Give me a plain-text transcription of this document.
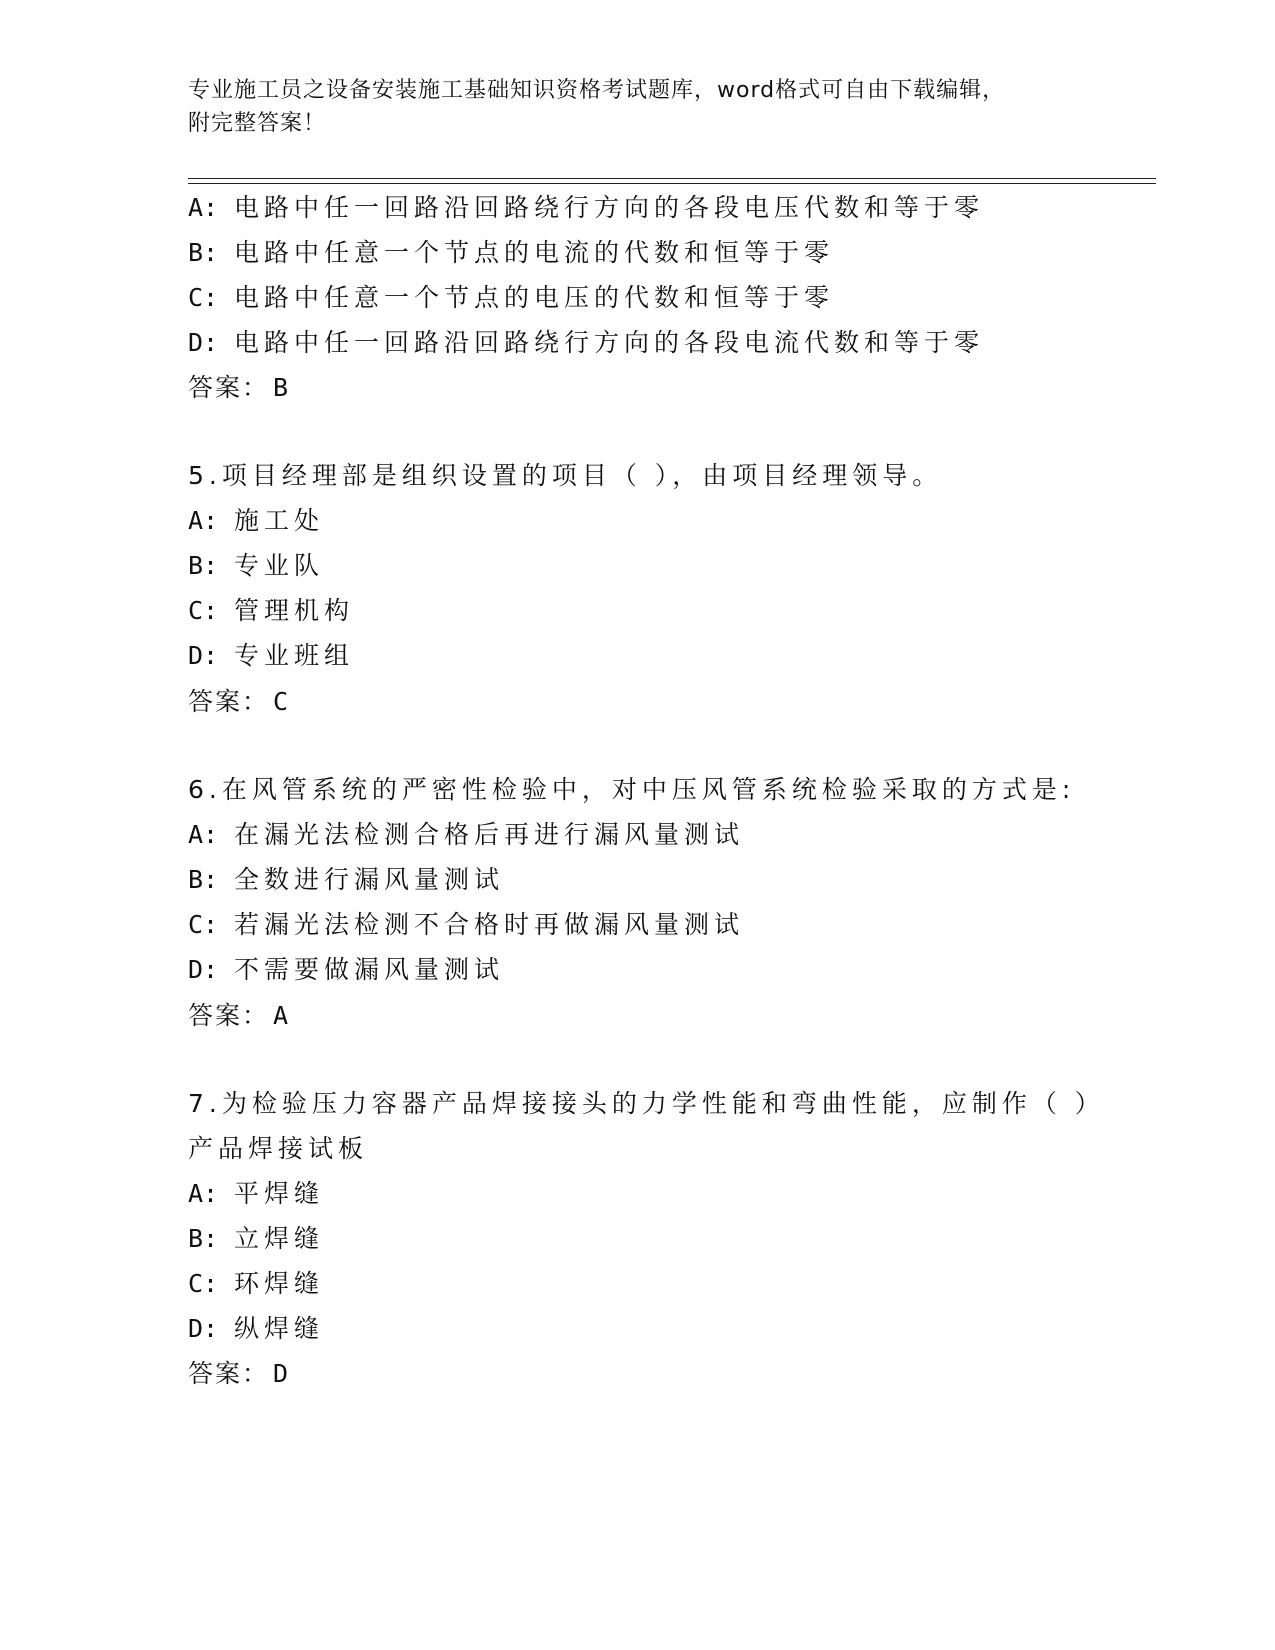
专业施工员之设备安装施工基础知识资格考试题库，word格式可自由下载编辑，
附完整答案！
A: 电路中任一回路沿回路绕行方向的各段电压代数和等于零
B: 电路中任意一个节点的电流的代数和恒等于零
C: 电路中任意一个节点的电压的代数和恒等于零
D: 电路中任一回路沿回路绕行方向的各段电流代数和等于零
答案： B
5.项目经理部是组织设置的项目（ ），由项目经理领导。
A: 施工处
B: 专业队
C: 管理机构
D: 专业班组
答案： C
6.在风管系统的严密性检验中，对中压风管系统检验采取的方式是:
A: 在漏光法检测合格后再进行漏风量测试
B: 全数进行漏风量测试
C: 若漏光法检测不合格时再做漏风量测试
D: 不需要做漏风量测试
答案： A
7.为检验压力容器产品焊接接头的力学性能和弯曲性能，应制作（ ）
产品焊接试板
A: 平焊缝
B: 立焊缝
C: 环焊缝
D: 纵焊缝
答案： D
